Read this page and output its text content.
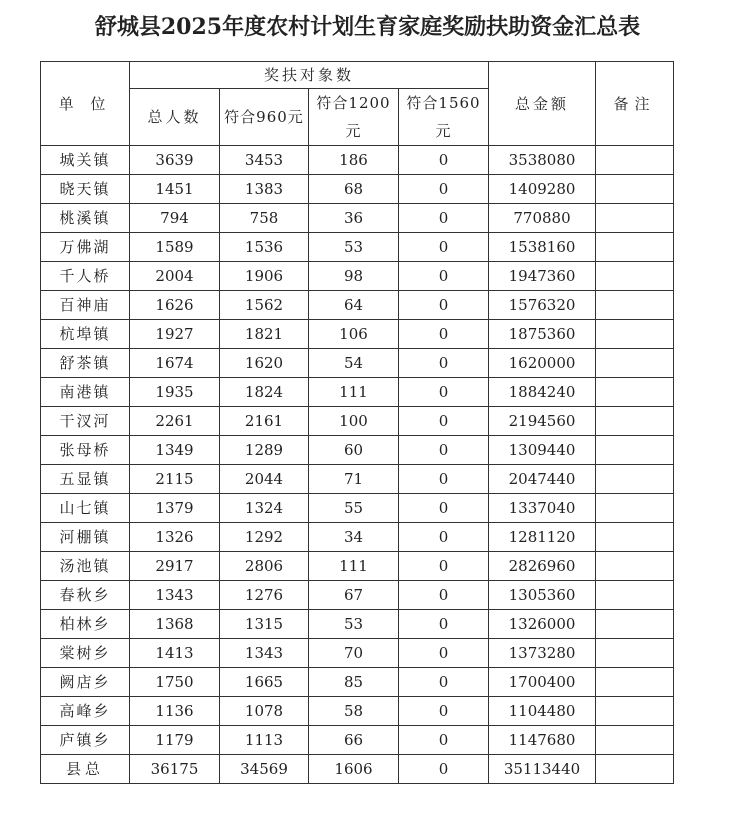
舒城县2025年度农村计划生育家庭奖励扶助资金汇总表
单 位	奖扶对象数				总金额	备注
	总人数	符合960元	符合1200元	符合1560元		
城关镇	3639	3453	186	0	3538080	
晓天镇	1451	1383	68	0	1409280	
桃溪镇	794	758	36	0	770880	
万佛湖	1589	1536	53	0	1538160	
千人桥	2004	1906	98	0	1947360	
百神庙	1626	1562	64	0	1576320	
杭埠镇	1927	1821	106	0	1875360	
舒茶镇	1674	1620	54	0	1620000	
南港镇	1935	1824	111	0	1884240	
干汊河	2261	2161	100	0	2194560	
张母桥	1349	1289	60	0	1309440	
五显镇	2115	2044	71	0	2047440	
山七镇	1379	1324	55	0	1337040	
河棚镇	1326	1292	34	0	1281120	
汤池镇	2917	2806	111	0	2826960	
春秋乡	1343	1276	67	0	1305360	
柏林乡	1368	1315	53	0	1326000	
棠树乡	1413	1343	70	0	1373280	
阙店乡	1750	1665	85	0	1700400	
高峰乡	1136	1078	58	0	1104480	
庐镇乡	1179	1113	66	0	1147680	
县总	36175	34569	1606	0	35113440	
